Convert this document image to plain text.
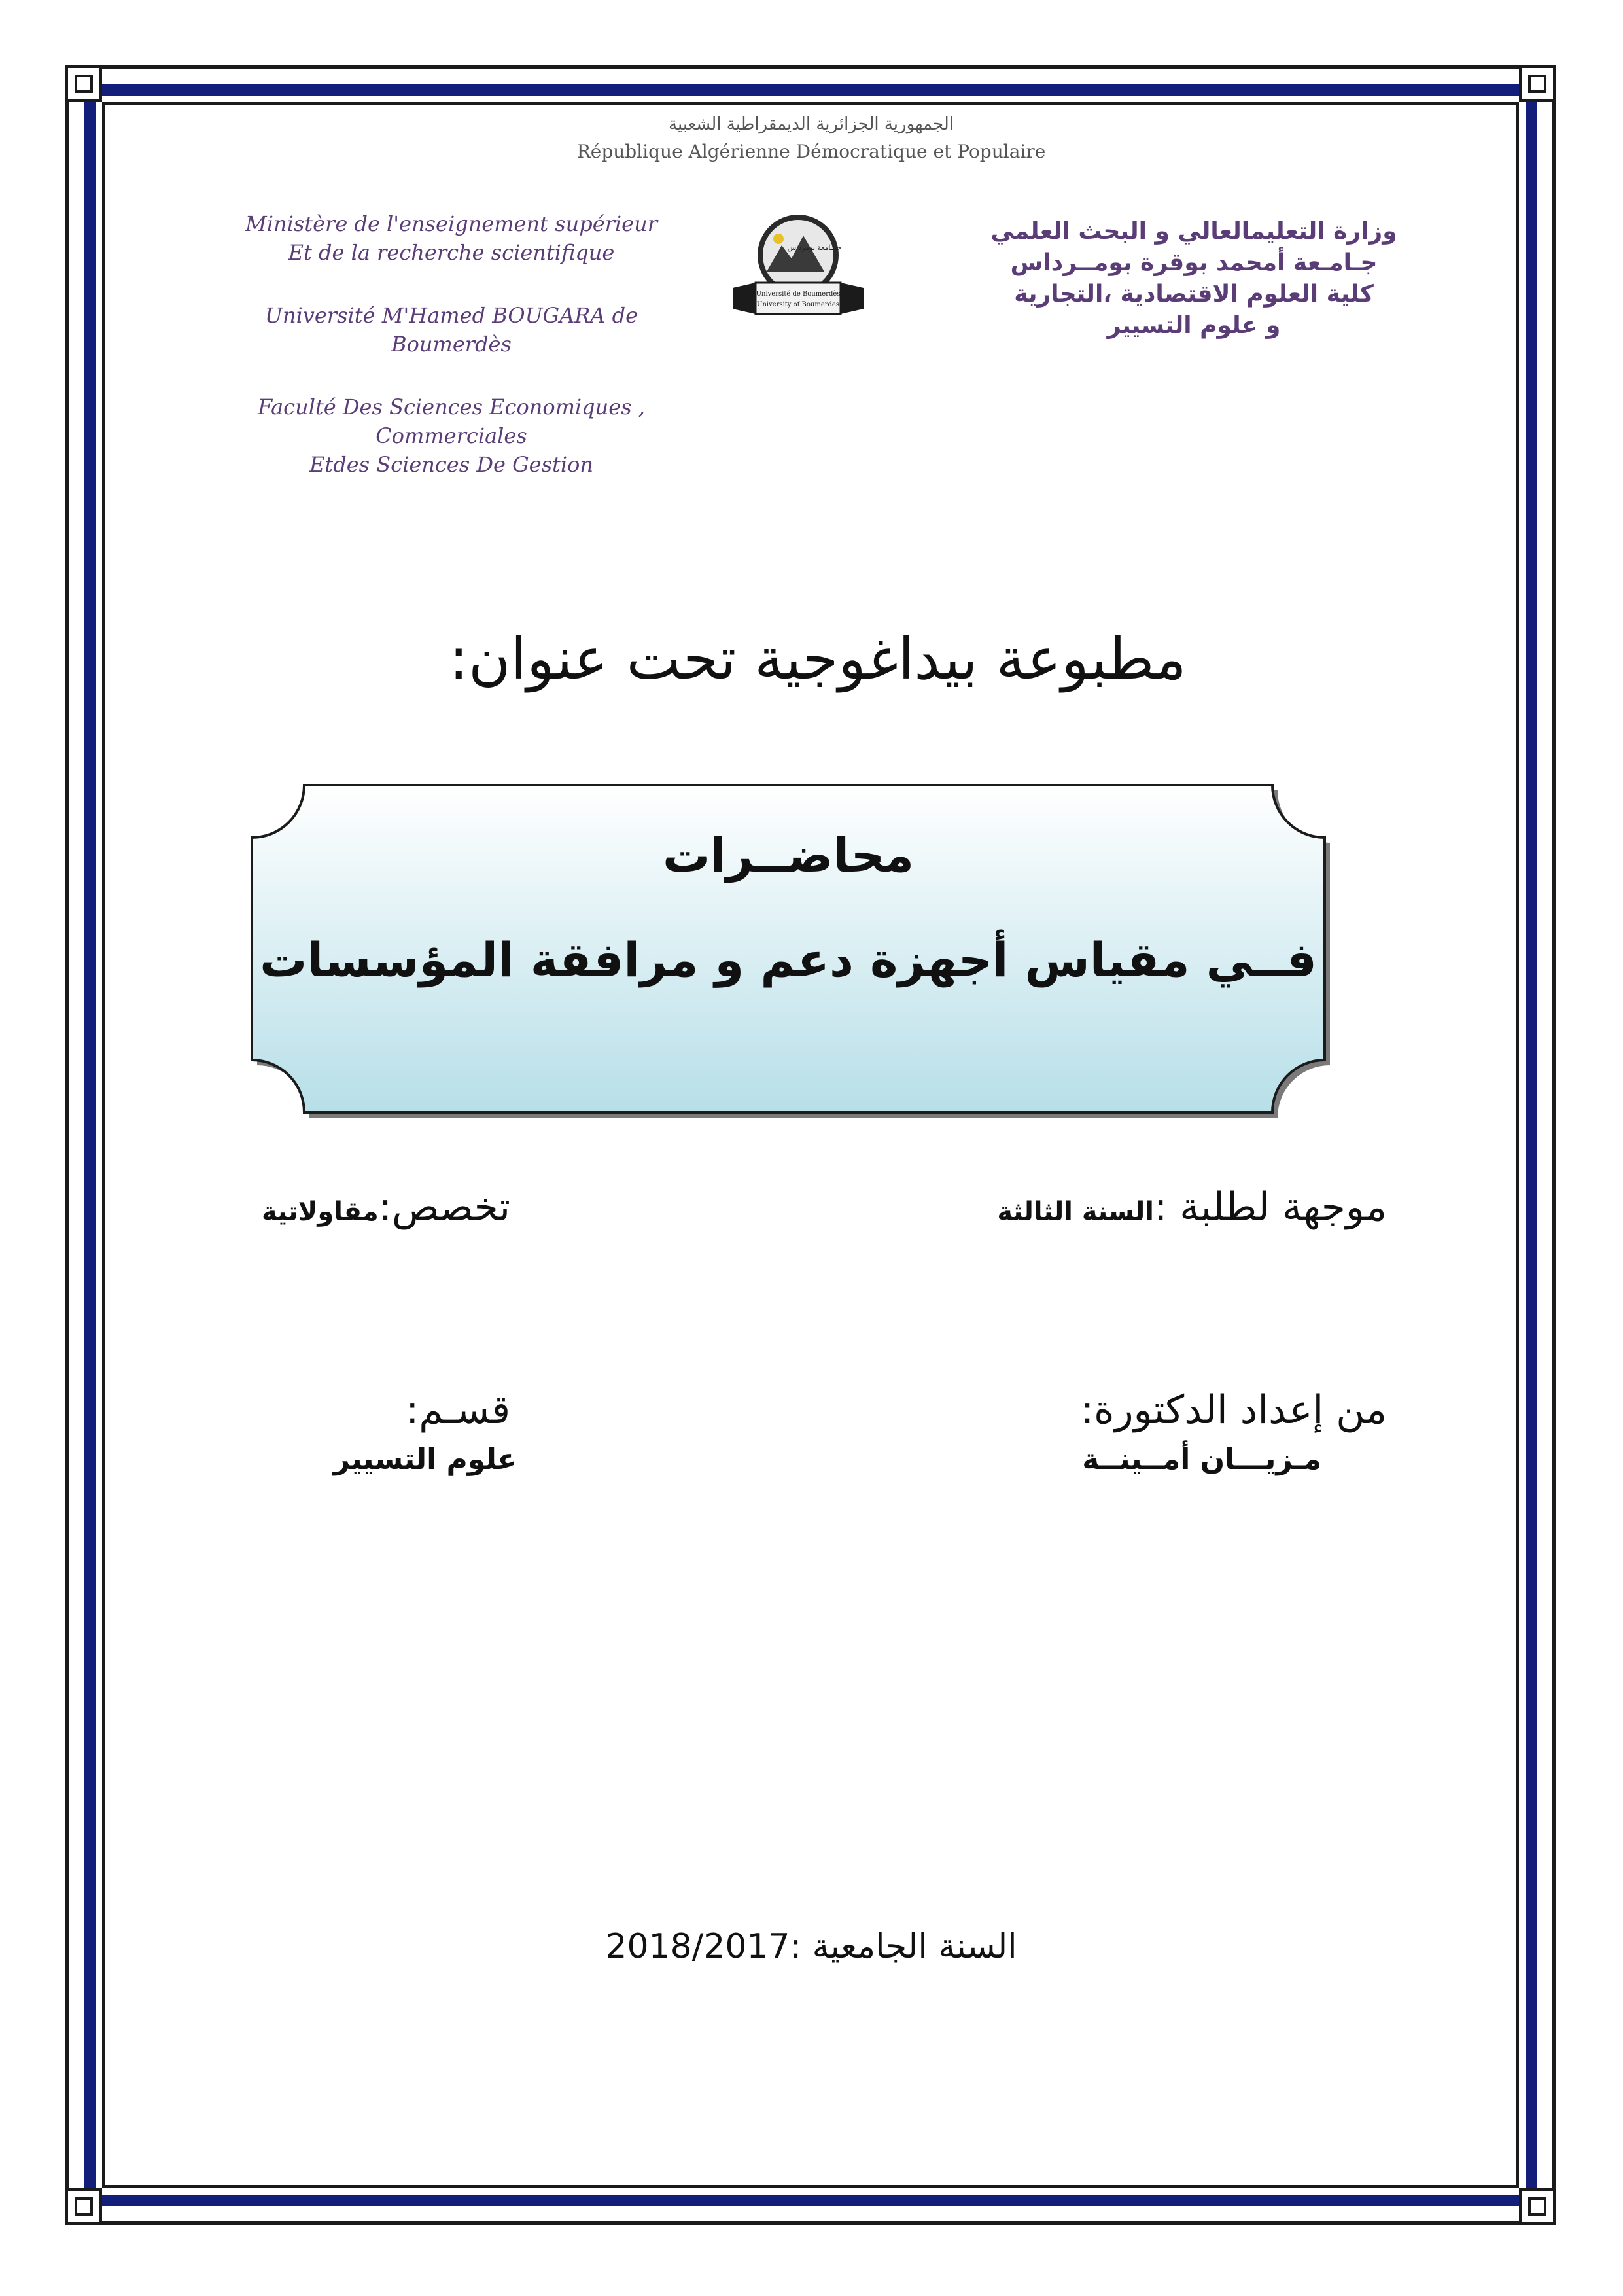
الجمهورية الجزائرية الديمقراطية الشعبية
République Algérienne Démocratique et Populaire
Ministère de l'enseignement supérieur
Et de la recherche scientifique
Université M'Hamed BOUGARA de Boumerdès
Faculté Des Sciences Economiques , Commerciales
Etdes Sciences De Gestion
جـــامعة بومرداس
Université de Boumerdès
University of Boumerdes
وزارة التعليمالعالي و البحث العلمي
جـامـعة أمحمد بوقرة بومــرداس
كلية العلوم الاقتصادية ،التجارية
و علوم التسيير
مطبوعة بيداغوجية تحت عنوان:
محاضــرات
فــي مقياس أجهزة دعم و مرافقة المؤسسات
موجهة لطلبة :السنة الثالثة
تخصص:مقاولاتية
من إعداد الدكتورة:
مـزيـــان أمــينــة
قسـم:
علوم التسيير
السنة الجامعية :2018/2017
